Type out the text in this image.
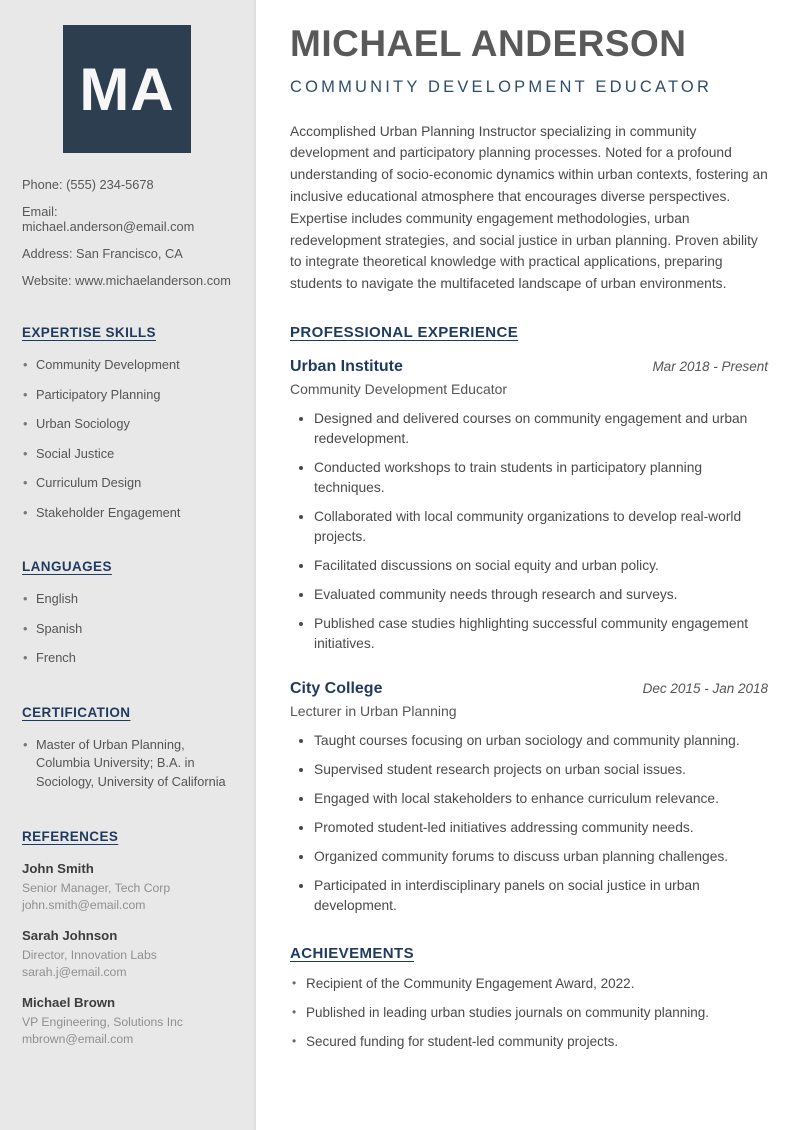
MA
Phone: (555) 234-5678
Email: michael.anderson@email.com
Address: San Francisco, CA
Website: www.michaelanderson.com
EXPERTISE SKILLS
• Community Development
• Participatory Planning
• Urban Sociology
• Social Justice
• Curriculum Design
• Stakeholder Engagement
LANGUAGES
• English
• Spanish
• French
CERTIFICATION
• Master of Urban Planning, Columbia University; B.A. in Sociology, University of California
REFERENCES
John Smith
Senior Manager, Tech Corp
john.smith@email.com
Sarah Johnson
Director, Innovation Labs
sarah.j@email.com
Michael Brown
VP Engineering, Solutions Inc
mbrown@email.com
MICHAEL ANDERSON
COMMUNITY DEVELOPMENT EDUCATOR

Accomplished Urban Planning Instructor specializing in community development and participatory planning processes. Noted for a profound understanding of socio-economic dynamics within urban contexts, fostering an inclusive educational atmosphere that encourages diverse perspectives. Expertise includes community engagement methodologies, urban redevelopment strategies, and social justice in urban planning. Proven ability to integrate theoretical knowledge with practical applications, preparing students to navigate the multifaceted landscape of urban environments.

PROFESSIONAL EXPERIENCE
Urban Institute	Mar 2018 - Present
Community Development Educator
• Designed and delivered courses on community engagement and urban redevelopment.
• Conducted workshops to train students in participatory planning techniques.
• Collaborated with local community organizations to develop real-world projects.
• Facilitated discussions on social equity and urban policy.
• Evaluated community needs through research and surveys.
• Published case studies highlighting successful community engagement initiatives.
City College	Dec 2015 - Jan 2018
Lecturer in Urban Planning
• Taught courses focusing on urban sociology and community planning.
• Supervised student research projects on urban social issues.
• Engaged with local stakeholders to enhance curriculum relevance.
• Promoted student-led initiatives addressing community needs.
• Organized community forums to discuss urban planning challenges.
• Participated in interdisciplinary panels on social justice in urban development.
ACHIEVEMENTS
• Recipient of the Community Engagement Award, 2022.
• Published in leading urban studies journals on community planning.
• Secured funding for student-led community projects.
